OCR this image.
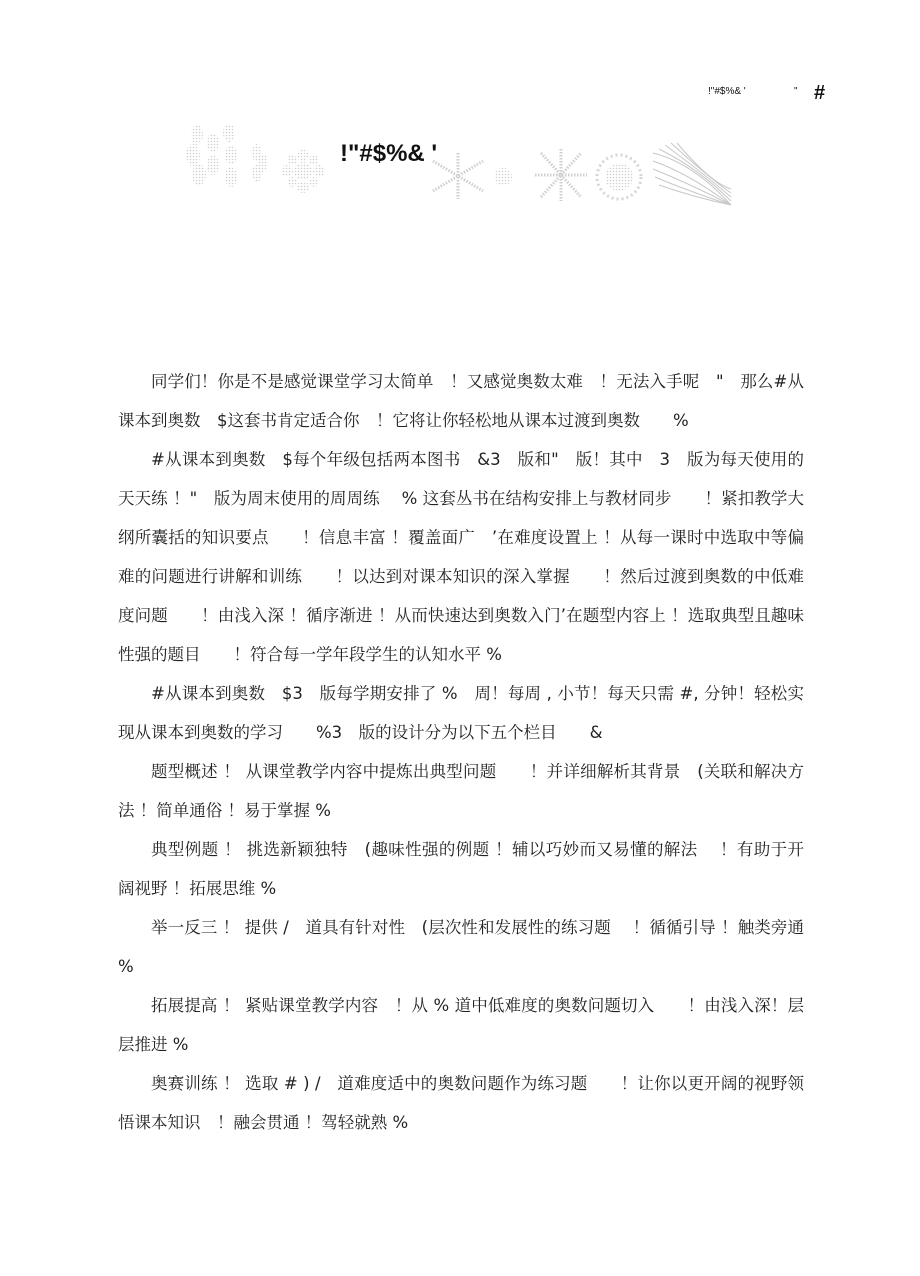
!"#$%& '	" #
!"#$%& '

同学们！你是不是感觉课堂学习太简单　！又感觉奥数太难　！无法入手呢　"　那么#从课本到奥数　$这套书肯定适合你　！它将让你轻松地从课本过渡到奥数　　%

#从课本到奥数　$每个年级包括两本图书　&3　版和"　版！其中　3　版为每天使用的天天练 ！"　版为周末使用的周周练　 % 这套丛书在结构安排上与教材同步　　！紧扣教学大纲所囊括的知识要点　　！信息丰富 ！覆盖面广　’在难度设置上 ！从每一课时中选取中等偏难的问题进行讲解和训练　　！以达到对课本知识的深入掌握　　！然后过渡到奥数的中低难度问题　　！由浅入深 ！循序渐进 ！从而快速达到奥数入门’在题型内容上 ！选取典型且趣味性强的题目　　！符合每一学年段学生的认知水平 %

#从课本到奥数　$3　版每学期安排了 %　周！每周 , 小节！每天只需 #, 分钟！轻松实现从课本到奥数的学习　　%3　版的设计分为以下五个栏目　　&

题型概述 ！ 从课堂教学内容中提炼出典型问题　　！并详细解析其背景　(关联和解决方法 ！简单通俗 ！易于掌握 %

典型例题 ！ 挑选新颖独特　(趣味性强的例题 ！辅以巧妙而又易懂的解法　 ！有助于开阔视野 ！拓展思维 %

举一反三 ！ 提供 /　道具有针对性　(层次性和发展性的练习题　 ！循循引导 ！触类旁通 %

拓展提高 ！ 紧贴课堂教学内容　！从 % 道中低难度的奥数问题切入　　！由浅入深！层层推进 %

奥赛训练 ！ 选取 # ) /　道难度适中的奥数问题作为练习题　　！让你以更开阔的视野领悟课本知识　！融会贯通 ！驾轻就熟 %
